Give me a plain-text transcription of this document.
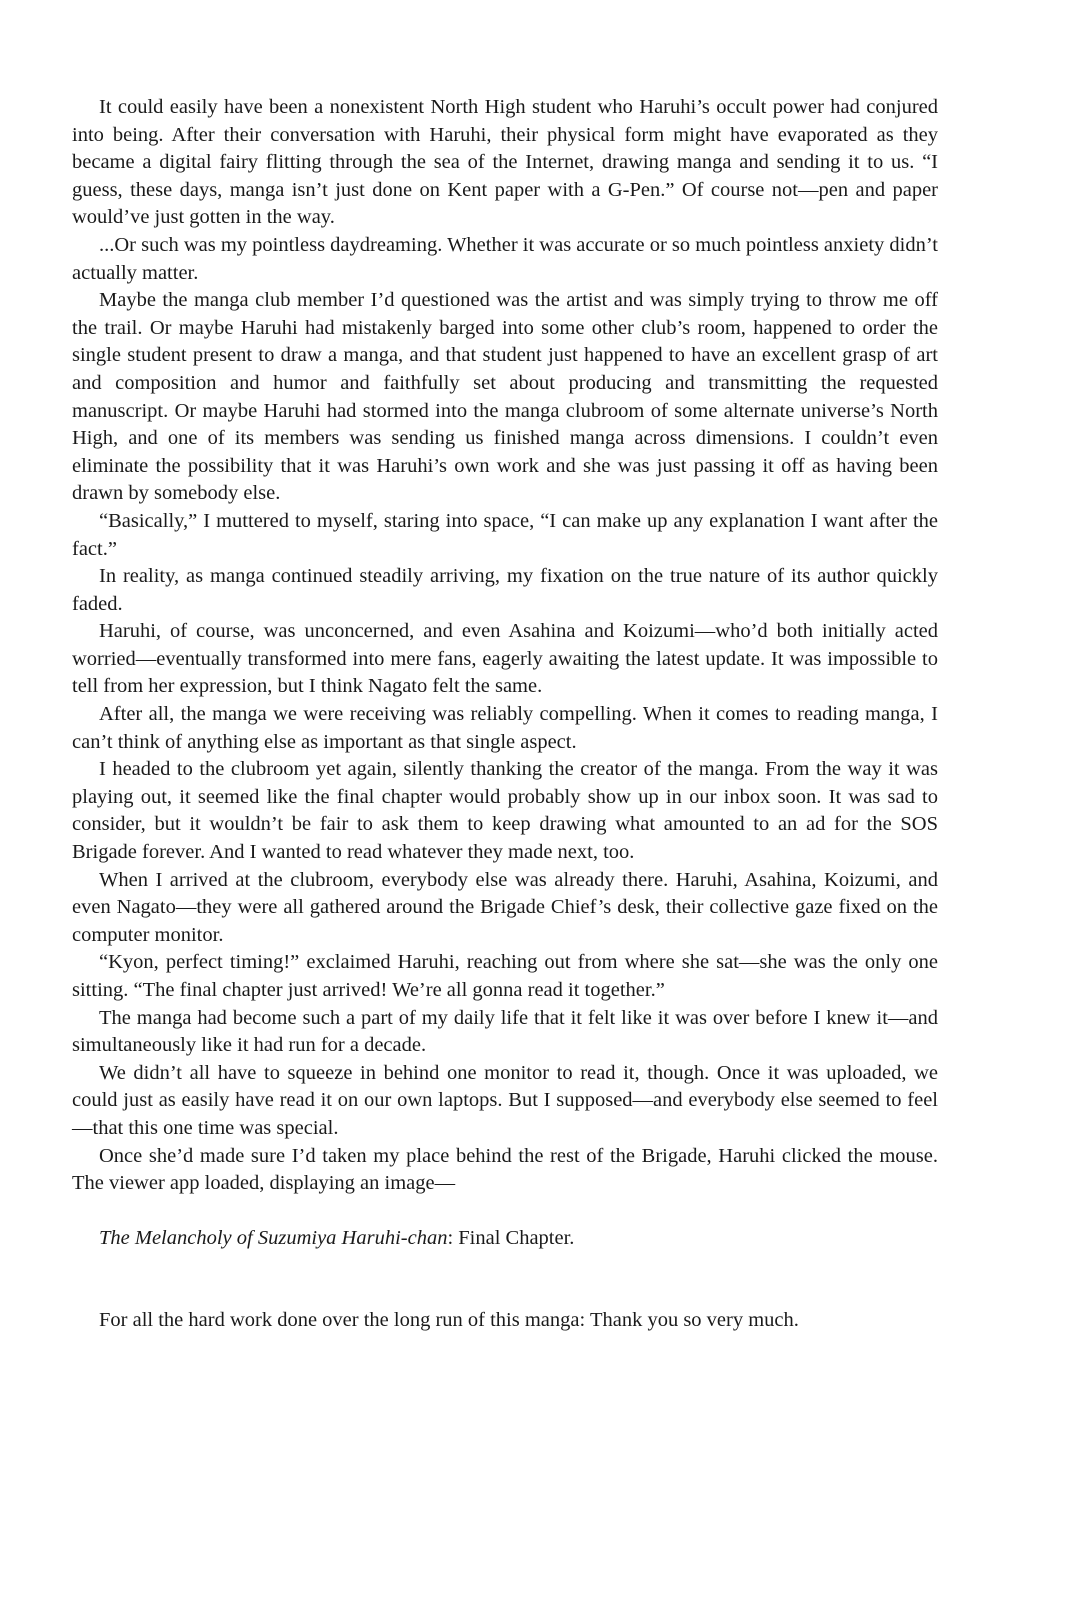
It could easily have been a nonexistent North High student who Haruhi’s occult power had conjured into being. After their conversation with Haruhi, their physical form might have evaporated as they became a digital fairy flitting through the sea of the Internet, drawing manga and sending it to us. “I guess, these days, manga isn’t just done on Kent paper with a G-Pen.” Of course not—pen and paper would’ve just gotten in the way.

...Or such was my pointless daydreaming. Whether it was accurate or so much pointless anxiety didn’t actually matter.

Maybe the manga club member I’d questioned was the artist and was simply trying to throw me off the trail. Or maybe Haruhi had mistakenly barged into some other club’s room, happened to order the single student present to draw a manga, and that student just happened to have an excellent grasp of art and composition and humor and faithfully set about producing and transmitting the requested manuscript. Or maybe Haruhi had stormed into the manga clubroom of some alternate universe’s North High, and one of its members was sending us finished manga across dimensions. I couldn’t even eliminate the possibility that it was Haruhi’s own work and she was just passing it off as having been drawn by somebody else.

“Basically,” I muttered to myself, staring into space, “I can make up any explanation I want after the fact.”

In reality, as manga continued steadily arriving, my fixation on the true nature of its author quickly faded.

Haruhi, of course, was unconcerned, and even Asahina and Koizumi—who’d both initially acted worried—eventually transformed into mere fans, eagerly awaiting the latest update. It was impossible to tell from her expression, but I think Nagato felt the same.

After all, the manga we were receiving was reliably compelling. When it comes to reading manga, I can’t think of anything else as important as that single aspect.

I headed to the clubroom yet again, silently thanking the creator of the manga. From the way it was playing out, it seemed like the final chapter would probably show up in our inbox soon. It was sad to consider, but it wouldn’t be fair to ask them to keep drawing what amounted to an ad for the SOS Brigade forever. And I wanted to read whatever they made next, too.

When I arrived at the clubroom, everybody else was already there. Haruhi, Asahina, Koizumi, and even Nagato—they were all gathered around the Brigade Chief’s desk, their collective gaze fixed on the computer monitor.

“Kyon, perfect timing!” exclaimed Haruhi, reaching out from where she sat—she was the only one sitting. “The final chapter just arrived! We’re all gonna read it together.”

The manga had become such a part of my daily life that it felt like it was over before I knew it—and simultaneously like it had run for a decade.

We didn’t all have to squeeze in behind one monitor to read it, though. Once it was uploaded, we could just as easily have read it on our own laptops. But I supposed—and everybody else seemed to feel—that this one time was special.

Once she’d made sure I’d taken my place behind the rest of the Brigade, Haruhi clicked the mouse. The viewer app loaded, displaying an image—

The Melancholy of Suzumiya Haruhi-chan: Final Chapter.

For all the hard work done over the long run of this manga: Thank you so very much.
